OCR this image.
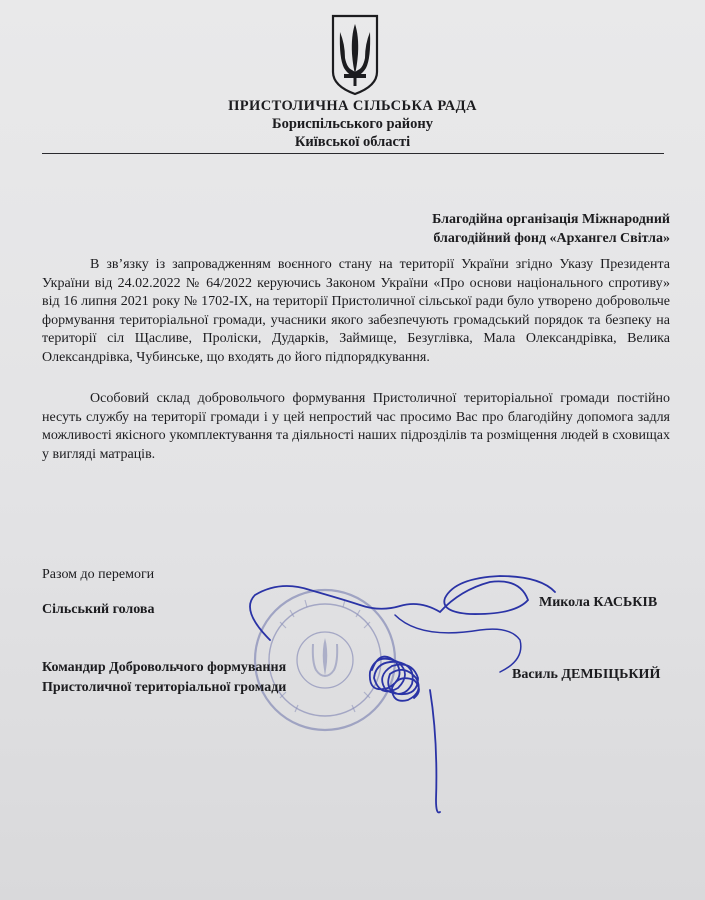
ПРИСТОЛИЧНА СІЛЬСЬКА РАДА
Бориспільського району
Київської області
Благодійна організація Міжнародний
благодійний фонд «Архангел Світла»
В зв’язку із запровадженням воєнного стану на території України згідно Указу Президента України від 24.02.2022 № 64/2022 керуючись Законом України «Про основи національного спротиву» від 16 липня 2021 року № 1702-IX, на території Пристоличної сільської ради було утворено добровольче формування територіальної громади, учасники якого забезпечують громадський порядок та безпеку на території сіл Щасливе, Проліски, Дударків, Займище, Безуглівка, Мала Олександрівка, Велика Олександрівка, Чубинське, що входять до його підпорядкування.
Особовий склад добровольчого формування Пристоличної територіальної громади постійно несуть службу на території громади і у цей непростий час просимо Вас про благодійну допомога задля можливості якісного укомплектування та діяльності наших підрозділів та розміщення людей в сховищах у вигляді матраців.
Разом до перемоги
Сільський голова	Микола КАСЬКІВ
Командир Добровольчого формування
Пристоличної територіальної громади
Василь ДЕМБІЦЬКИЙ
